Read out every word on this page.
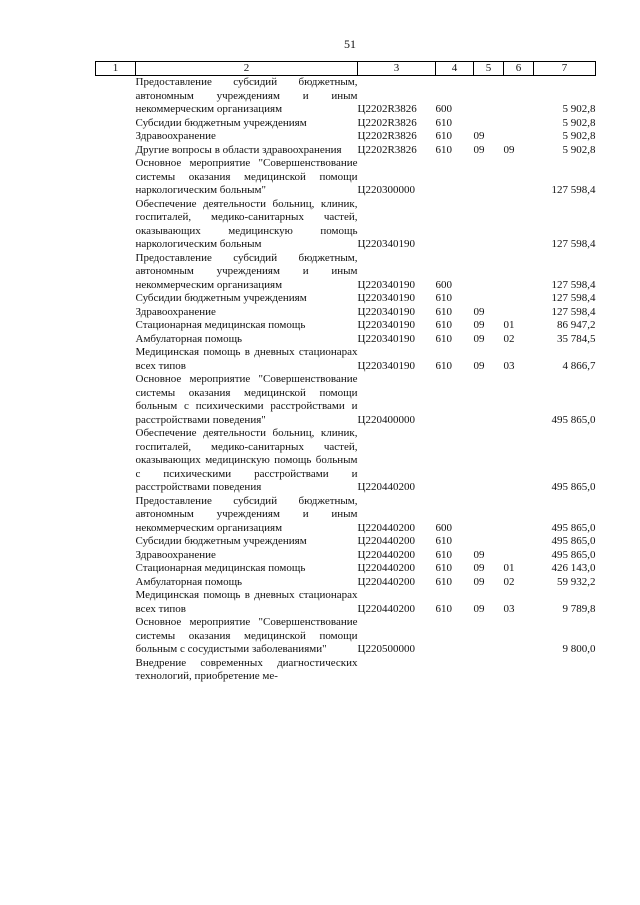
51
1	2	3	4	5	6	7
	Предоставление субсидий бюджетным, автономным учреждениям и иным некоммерческим организациям	Ц2202R3826	600			5 902,8
	Субсидии бюджетным учреждениям	Ц2202R3826	610			5 902,8
	Здравоохранение	Ц2202R3826	610	09		5 902,8
	Другие вопросы в области здравоохранения	Ц2202R3826	610	09	09	5 902,8
	Основное мероприятие "Совершенствование системы оказания медицинской помощи наркологическим больным"	Ц220300000				127 598,4
	Обеспечение деятельности больниц, клиник, госпиталей, медико-санитарных частей, оказывающих медицинскую помощь наркологическим больным	Ц220340190				127 598,4
	Предоставление субсидий бюджетным, автономным учреждениям и иным некоммерческим организациям	Ц220340190	600			127 598,4
	Субсидии бюджетным учреждениям	Ц220340190	610			127 598,4
	Здравоохранение	Ц220340190	610	09		127 598,4
	Стационарная медицинская помощь	Ц220340190	610	09	01	86 947,2
	Амбулаторная помощь	Ц220340190	610	09	02	35 784,5
	Медицинская помощь в дневных стационарах всех типов	Ц220340190	610	09	03	4 866,7
	Основное мероприятие "Совершенствование системы оказания медицинской помощи больным с психическими расстройствами и расстройствами поведения"	Ц220400000				495 865,0
	Обеспечение деятельности больниц, клиник, госпиталей, медико-санитарных частей, оказывающих медицинскую помощь больным с психическими расстройствами и расстройствами поведения	Ц220440200				495 865,0
	Предоставление субсидий бюджетным, автономным учреждениям и иным некоммерческим организациям	Ц220440200	600			495 865,0
	Субсидии бюджетным учреждениям	Ц220440200	610			495 865,0
	Здравоохранение	Ц220440200	610	09		495 865,0
	Стационарная медицинская помощь	Ц220440200	610	09	01	426 143,0
	Амбулаторная помощь	Ц220440200	610	09	02	59 932,2
	Медицинская помощь в дневных стационарах всех типов	Ц220440200	610	09	03	9 789,8
	Основное мероприятие "Совершенствование системы оказания медицинской помощи больным с сосудистыми заболеваниями"	Ц220500000				9 800,0
	Внедрение современных диагностических технологий, приобретение ме-					
